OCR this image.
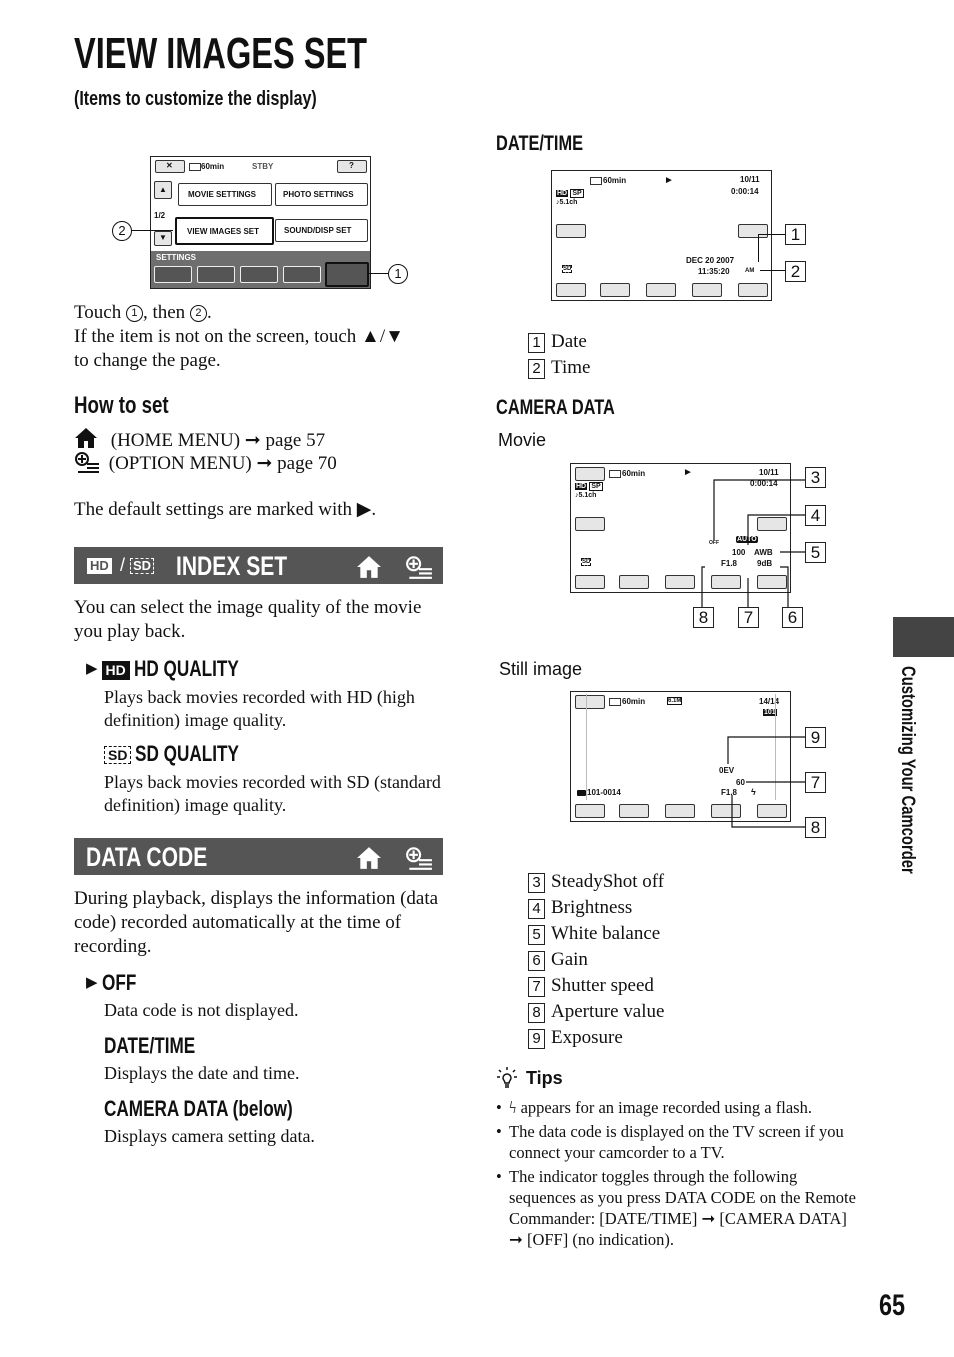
VIEW IMAGES SET
(Items to customize the display)
✕	60min	STBY	?
▲
1/2
▼
MOVIE SETTINGS	PHOTO SETTINGS
VIEW IMAGES SET	SOUND/DISP SET
SETTINGS
2
1
Touch 1 , then 2 .
If the item is not on the screen, touch ▲/▼
to change the page.
How to set
(HOME MENU) ➞ page 57
(OPTION MENU) ➞ page 70
The default settings are marked with ▶.
HD / SD INDEX SET
You can select the image quality of the movie you play back.
▶ HD HD QUALITY
Plays back movies recorded with HD (high definition) image quality.
SD SD QUALITY
Plays back movies recorded with SD (standard definition) image quality.
DATA CODE
During playback, displays the information (data code) recorded automatically at the time of recording.
▶ OFF
Data code is not displayed.
DATE/TIME
Displays the date and time.
CAMERA DATA (below)
Displays camera setting data.
DATE/TIME
60min	►	10/11
0:00:14
HD SP
♪5.1ch
DEC 20 2007
11:35:20	AM
SD
1
2
1 Date
2 Time
CAMERA DATA
Movie
60min	►	10/11
0:00:14
HD SP
♪5.1ch
OFF	AUTO
100 AWB
F1.8 9dB
SD
3
4
5
8	7	6
Still image
60min	6.1M	14/14
101
0EV
60
101-0014	F1.8 ϟ
9
7
8
3 SteadyShot off
4 Brightness
5 White balance
6 Gain
7 Shutter speed
8 Aperture value
9 Exposure
Tips
• ϟ appears for an image recorded using a flash.
• The data code is displayed on the TV screen if you connect your camcorder to a TV.
• The indicator toggles through the following sequences as you press DATA CODE on the Remote Commander: [DATE/TIME] ➞ [CAMERA DATA] ➞ [OFF] (no indication).
Customizing Your Camcorder
65
